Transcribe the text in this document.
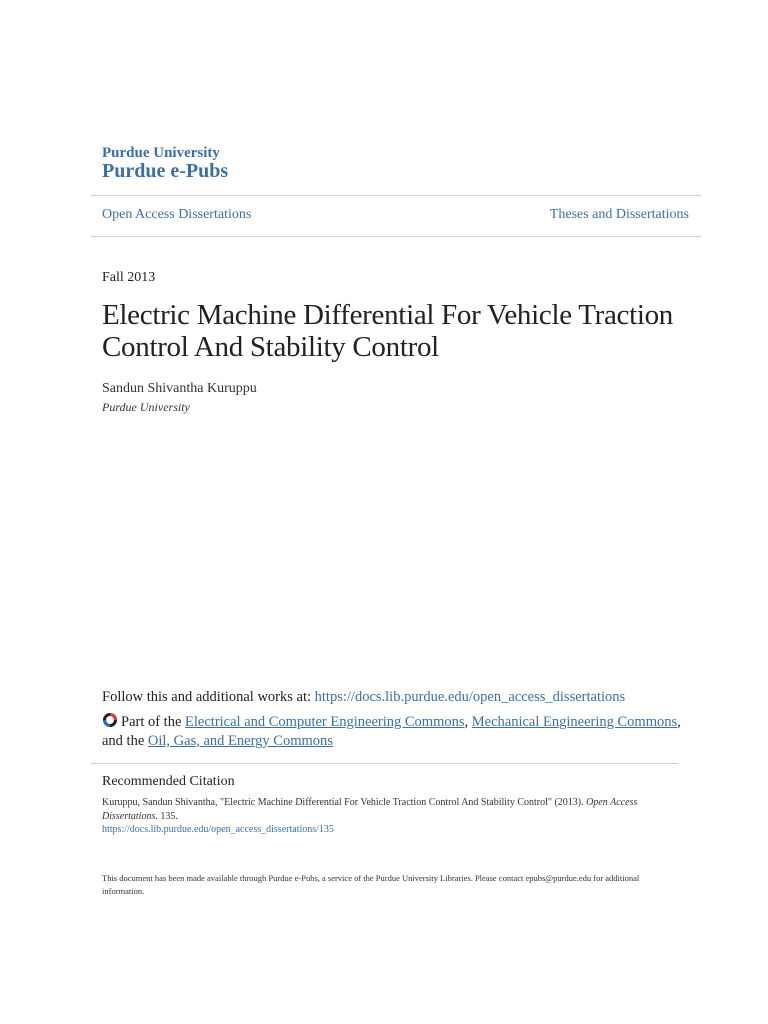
Purdue University
Purdue e-Pubs
Open Access Dissertations	Theses and Dissertations
Fall 2013
Electric Machine Differential For Vehicle Traction Control And Stability Control
Sandun Shivantha Kuruppu
Purdue University
Follow this and additional works at: https://docs.lib.purdue.edu/open_access_dissertations
Part of the Electrical and Computer Engineering Commons, Mechanical Engineering Commons,
and the Oil, Gas, and Energy Commons
Recommended Citation
Kuruppu, Sandun Shivantha, "Electric Machine Differential For Vehicle Traction Control And Stability Control" (2013). Open Access Dissertations. 135.
https://docs.lib.purdue.edu/open_access_dissertations/135
This document has been made available through Purdue e-Pubs, a service of the Purdue University Libraries. Please contact epubs@purdue.edu for additional information.
